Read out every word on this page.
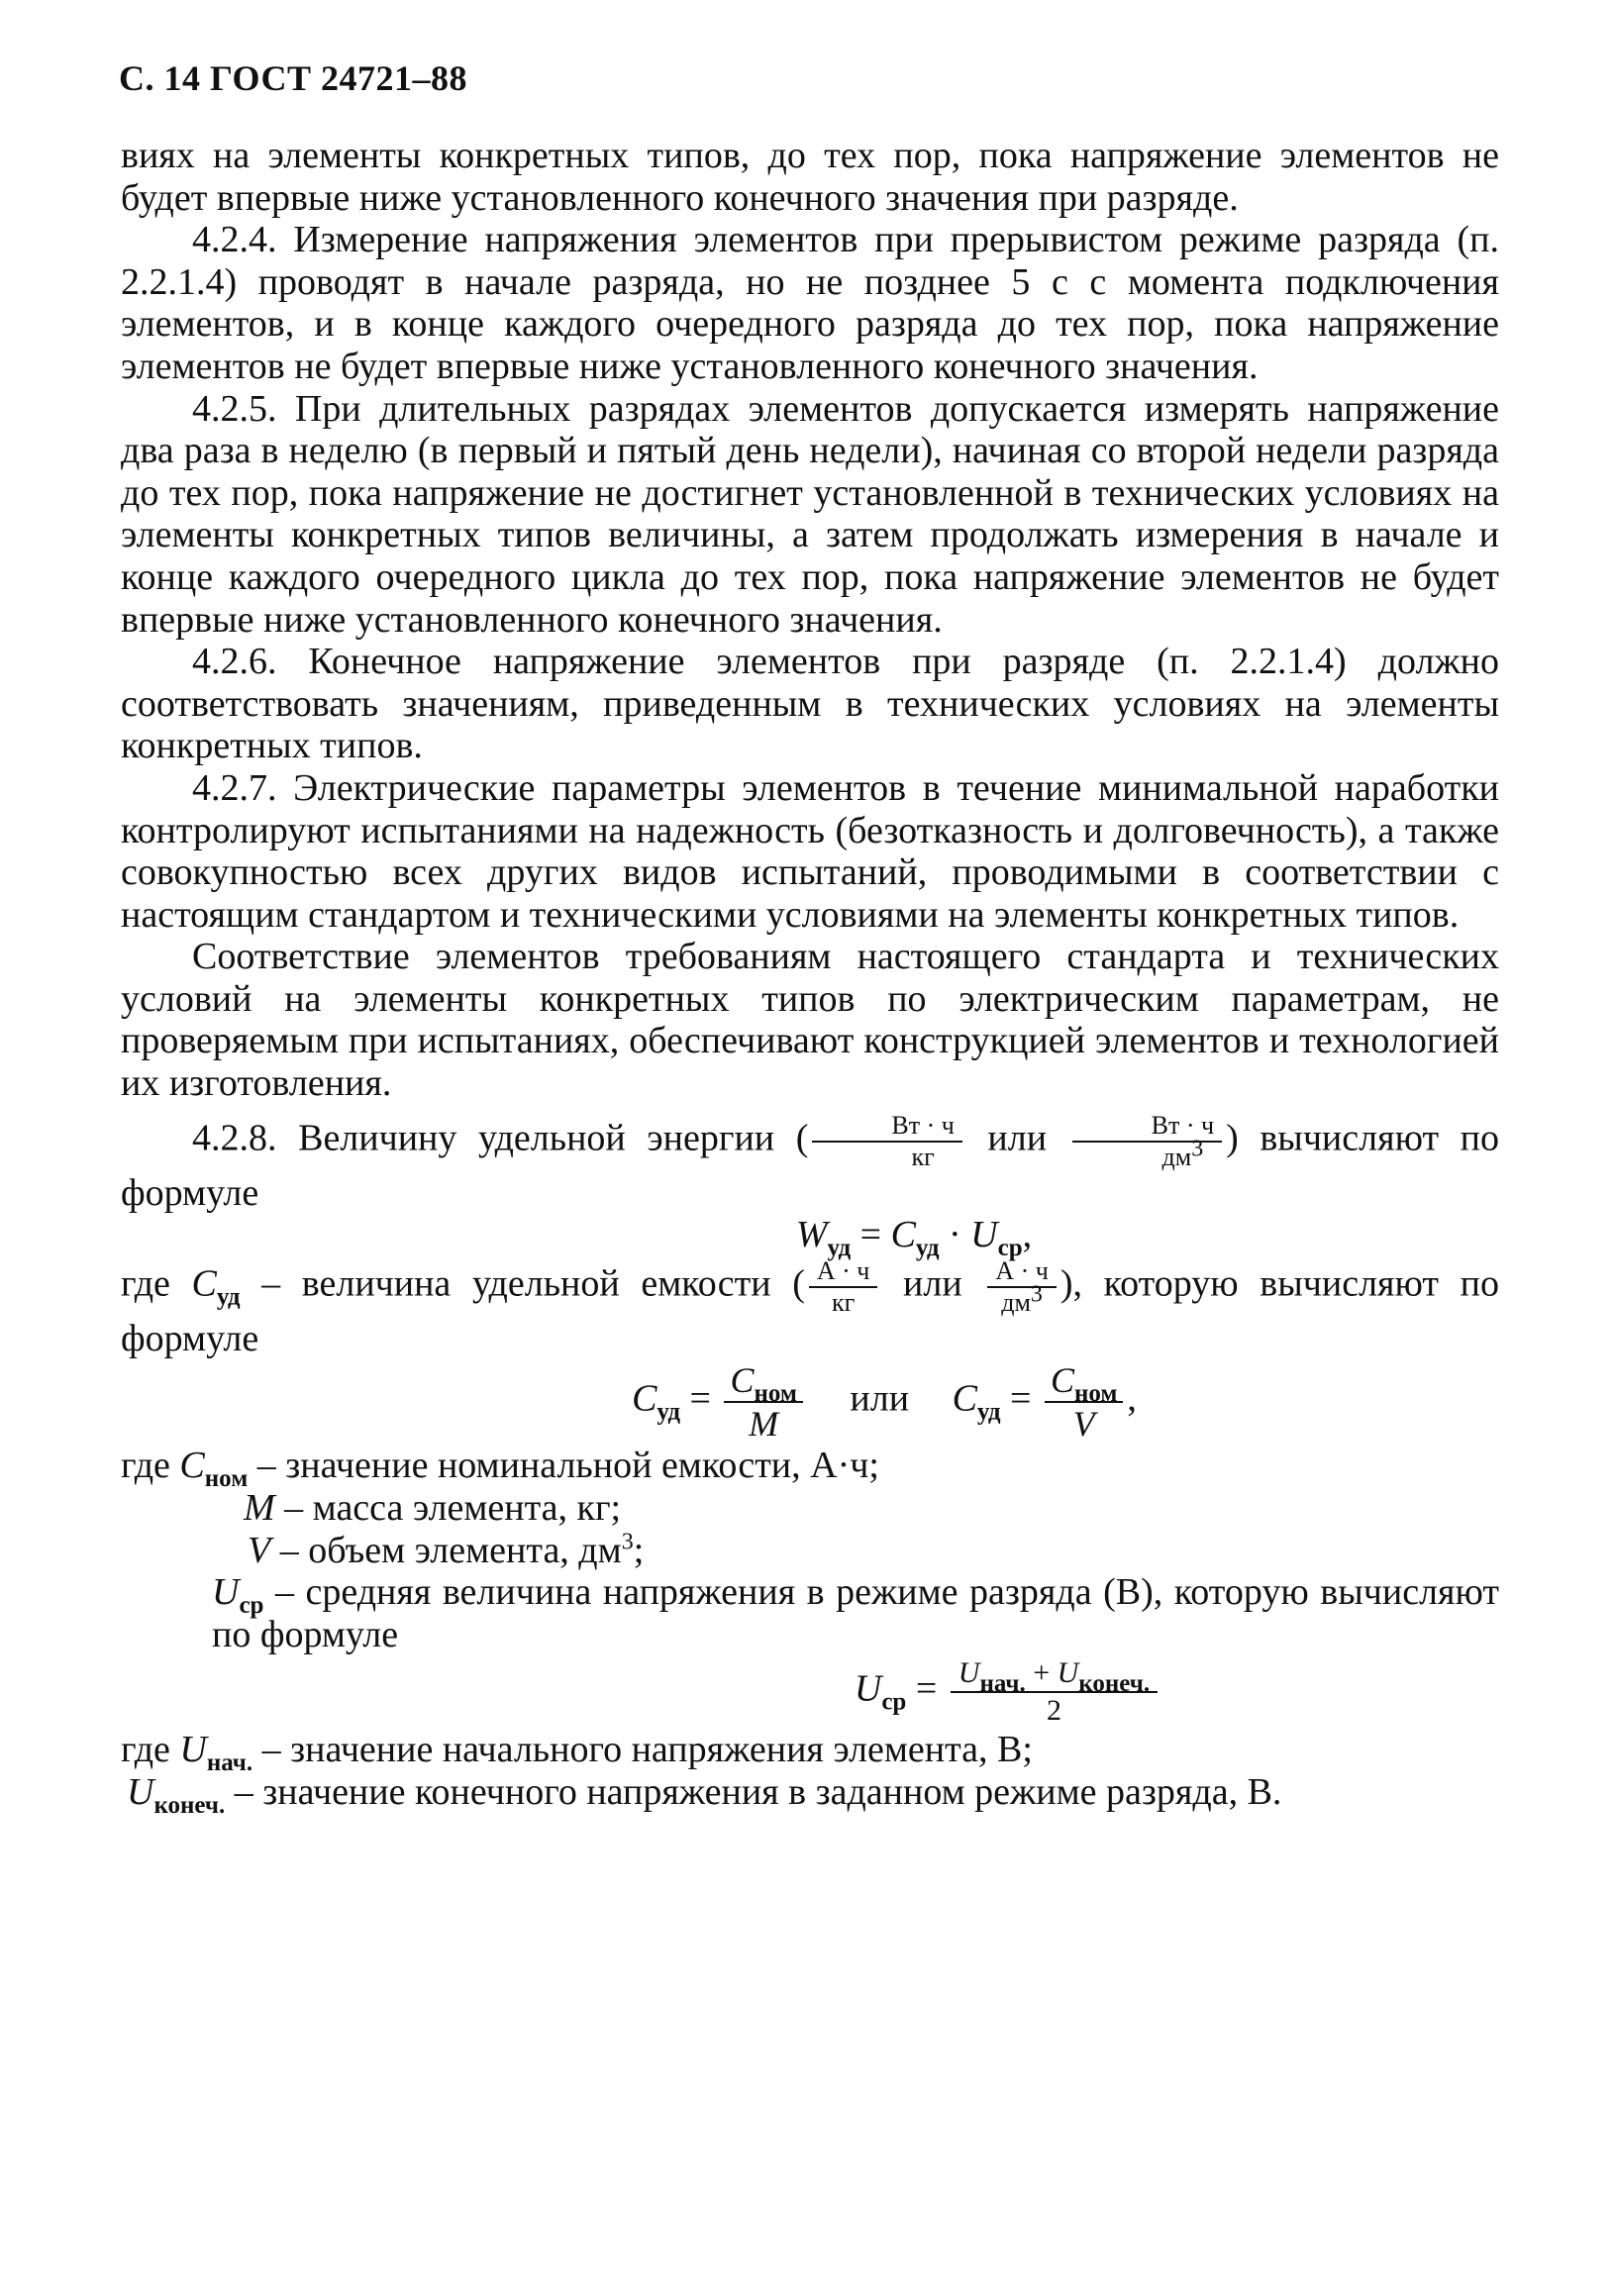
С. 14 ГОСТ 24721–88

виях на элементы конкретных типов, до тех пор, пока напряжение элементов не будет впервые ниже установленного конечного значения при разряде.

4.2.4. Измерение напряжения элементов при прерывистом режиме разряда (п. 2.2.1.4) проводят в начале разряда, но не позднее 5 с с момента подключения элементов, и в конце каждого очередного разряда до тех пор, пока напряжение элементов не будет впервые ниже установленного конечного значения.

4.2.5. При длительных разрядах элементов допускается измерять напряжение два раза в неделю (в первый и пятый день недели), начиная со второй недели разряда до тех пор, пока напряжение не достигнет установленной в технических условиях на элементы конкретных типов величины, а затем продолжать измерения в начале и конце каждого очередного цикла до тех пор, пока напряжение элементов не будет впервые ниже установленного конечного значения.

4.2.6. Конечное напряжение элементов при разряде (п. 2.2.1.4) должно соответствовать значениям, приведенным в технических условиях на элементы конкретных типов.

4.2.7. Электрические параметры элементов в течение минимальной наработки контролируют испытаниями на надежность (безотказность и долговечность), а также совокупностью всех других видов испытаний, проводимыми в соответствии с настоящим стандартом и техническими условиями на элементы конкретных типов.

Соответствие элементов требованиям настоящего стандарта и технических условий на элементы конкретных типов по электрическим параметрам, не проверяемым при испытаниях, обеспечивают конструкцией элементов и технологией их изготовления.

4.2.8. Величину удельной энергии ( $\frac{Вт \cdot ч}{кг}$ или $\frac{Вт \cdot ч}{дм^3}$ ) вычисляют по формуле

$W_{уд} = C_{уд} \cdot U_{ср}$,

где $C_{уд}$ – величина удельной емкости ( $\frac{А \cdot ч}{кг}$ или $\frac{А \cdot ч}{дм^3}$ ), которую вычисляют по формуле

$C_{уд} = \frac{C_{ном}}{M}$ или $C_{уд} = \frac{C_{ном}}{V}$ ,

где $C_{ном}$ – значение номинальной емкости, А·ч;

M – масса элемента, кг;

V – объем элемента, $дм^3$;

$U_{ср}$ – средняя величина напряжения в режиме разряда (В), которую вычисляют по формуле

$U_{ср} = \frac{U_{нач.} + U_{конеч.}}{2}$

где $U_{нач.}$ – значение начального напряжения элемента, В;

$U_{конеч.}$ – значение конечного напряжения в заданном режиме разряда, В.
